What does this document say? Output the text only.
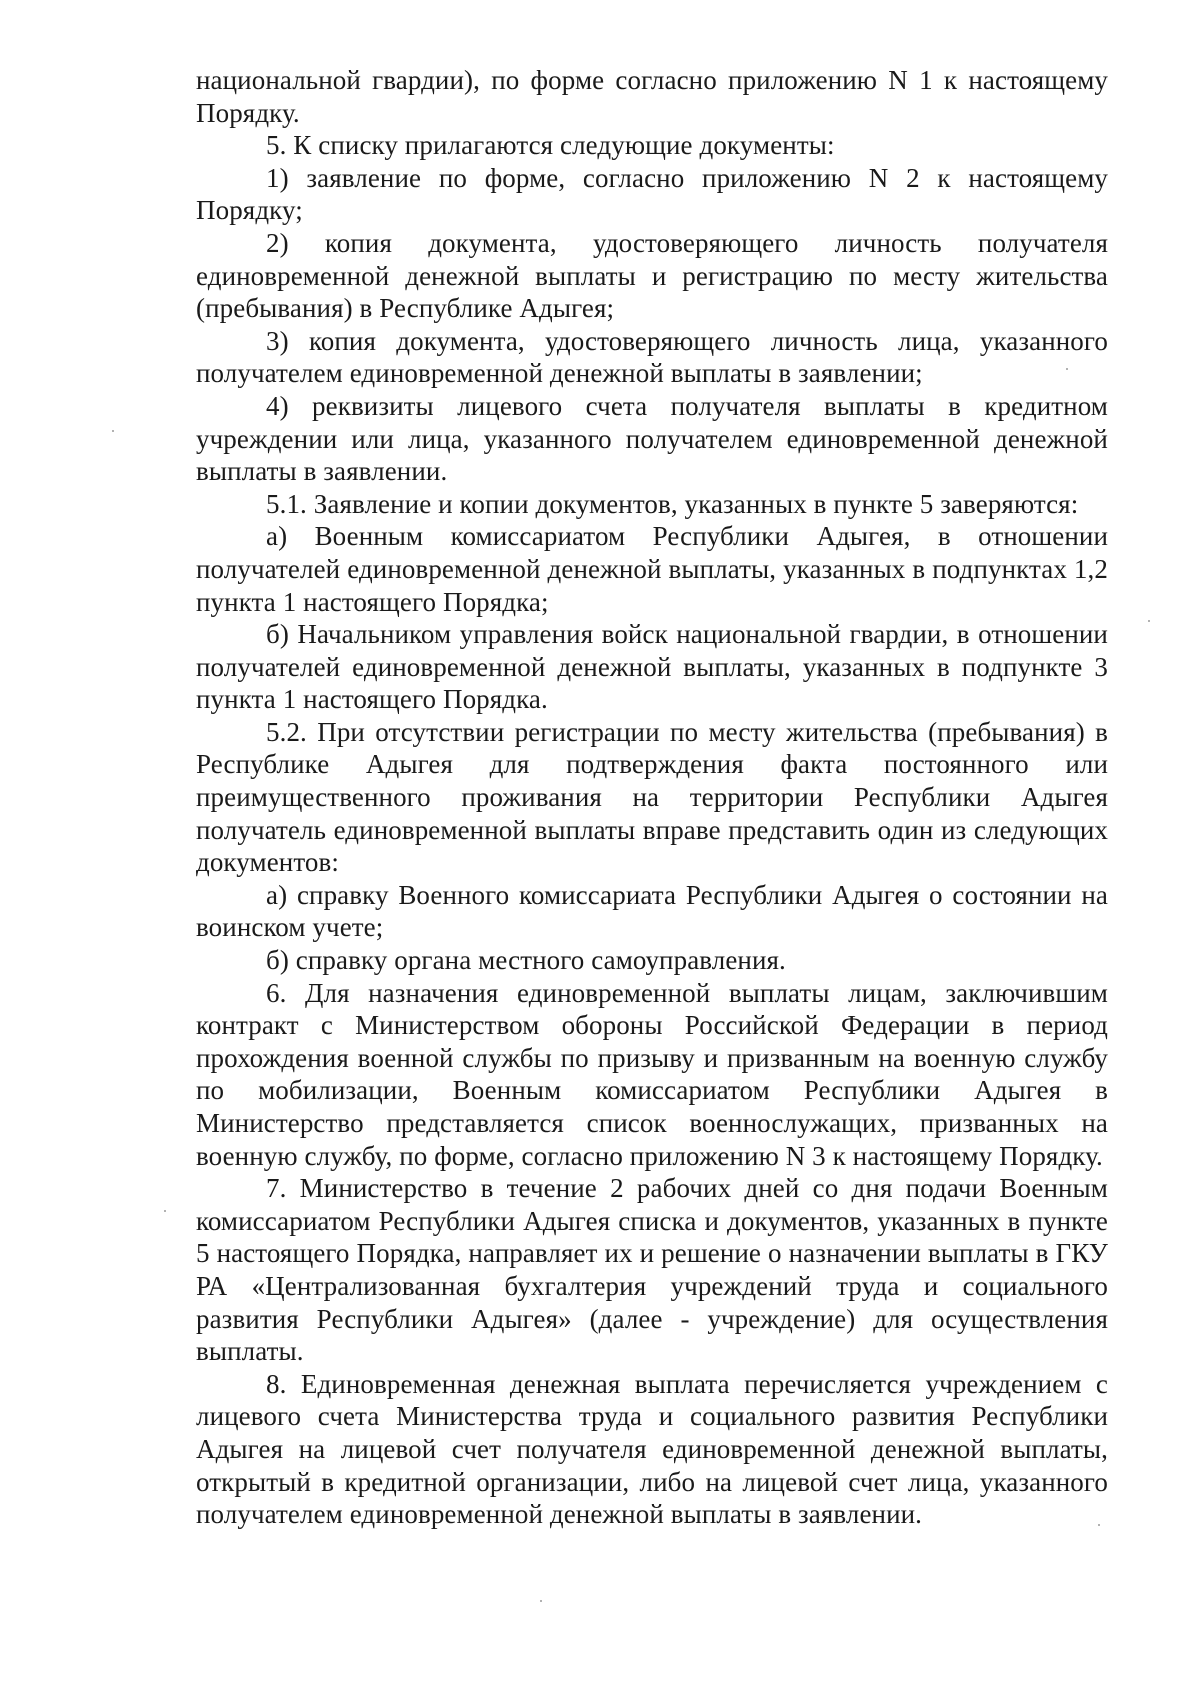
национальной гвардии), по форме согласно приложению N 1 к настоящему Порядку.

5. К списку прилагаются следующие документы:

1) заявление по форме, согласно приложению N 2 к настоящему Порядку;

2) копия документа, удостоверяющего личность получателя единовременной денежной выплаты и регистрацию по месту жительства (пребывания) в Республике Адыгея;

3) копия документа, удостоверяющего личность лица, указанного получателем единовременной денежной выплаты в заявлении;

4) реквизиты лицевого счета получателя выплаты в кредитном учреждении или лица, указанного получателем единовременной денежной выплаты в заявлении.

5.1. Заявление и копии документов, указанных в пункте 5 заверяются:

а) Военным комиссариатом Республики Адыгея, в отношении получателей единовременной денежной выплаты, указанных в подпунктах 1,2 пункта 1 настоящего Порядка;

б) Начальником управления войск национальной гвардии, в отношении получателей единовременной денежной выплаты, указанных в подпункте 3 пункта 1 настоящего Порядка.

5.2. При отсутствии регистрации по месту жительства (пребывания) в Республике Адыгея для подтверждения факта постоянного или преимущественного проживания на территории Республики Адыгея получатель единовременной выплаты вправе представить один из следующих документов:

а) справку Военного комиссариата Республики Адыгея о состоянии на воинском учете;

б) справку органа местного самоуправления.

6. Для назначения единовременной выплаты лицам, заключившим контракт с Министерством обороны Российской Федерации в период прохождения военной службы по призыву и призванным на военную службу по мобилизации, Военным комиссариатом Республики Адыгея в Министерство представляется список военнослужащих, призванных на военную службу, по форме, согласно приложению N 3 к настоящему Порядку.

7. Министерство в течение 2 рабочих дней со дня подачи Военным комиссариатом Республики Адыгея списка и документов, указанных в пункте 5 настоящего Порядка, направляет их и решение о назначении выплаты в ГКУ РА «Централизованная бухгалтерия учреждений труда и социального развития Республики Адыгея» (далее - учреждение) для осуществления выплаты.

8. Единовременная денежная выплата перечисляется учреждением с лицевого счета Министерства труда и социального развития Республики Адыгея на лицевой счет получателя единовременной денежной выплаты, открытый в кредитной организации, либо на лицевой счет лица, указанного получателем единовременной денежной выплаты в заявлении.
